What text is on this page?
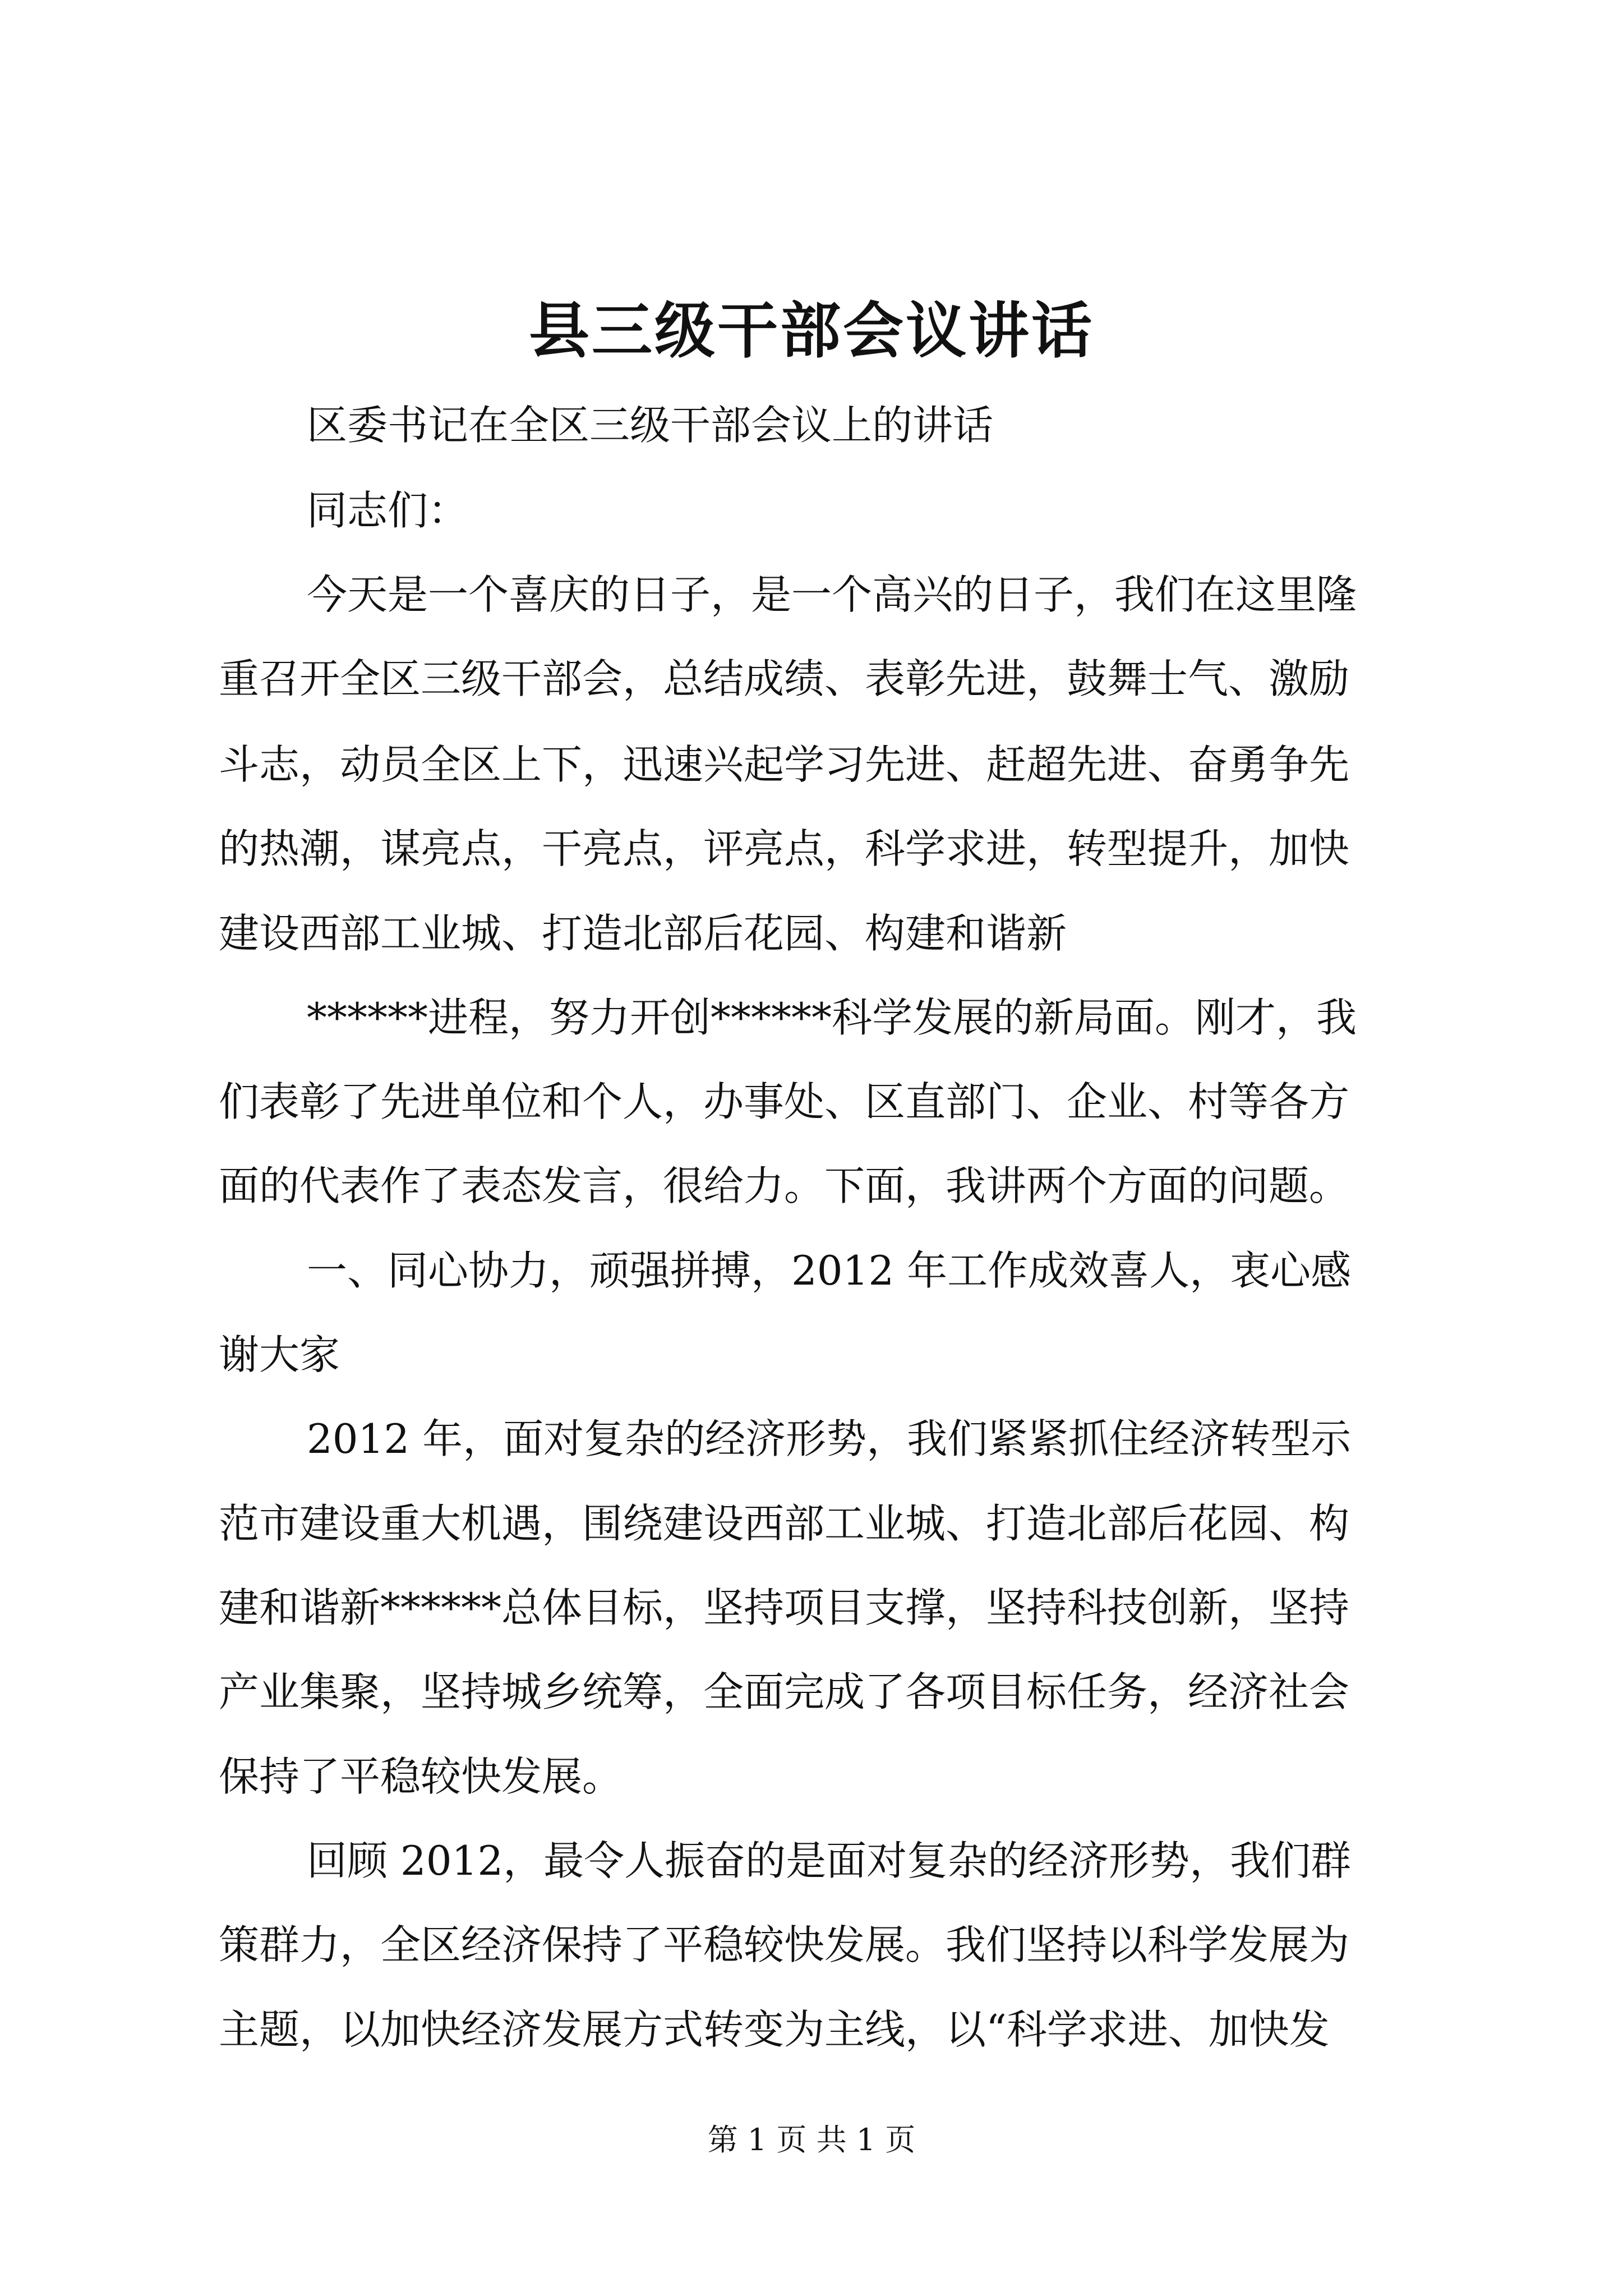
县三级干部会议讲话

区委书记在全区三级干部会议上的讲话

同志们：

今天是一个喜庆的日子，是一个高兴的日子，我们在这里隆

重召开全区三级干部会，总结成绩、表彰先进，鼓舞士气、激励

斗志，动员全区上下，迅速兴起学习先进、赶超先进、奋勇争先

的热潮，谋亮点，干亮点，评亮点，科学求进，转型提升，加快

建设西部工业城、打造北部后花园、构建和谐新

******进程，努力开创******科学发展的新局面。刚才，我

们表彰了先进单位和个人，办事处、区直部门、企业、村等各方

面的代表作了表态发言，很给力。下面，我讲两个方面的问题。

一、同心协力，顽强拼搏，2012 年工作成效喜人，衷心感

谢大家

2012 年，面对复杂的经济形势，我们紧紧抓住经济转型示

范市建设重大机遇，围绕建设西部工业城、打造北部后花园、构

建和谐新******总体目标，坚持项目支撑，坚持科技创新，坚持

产业集聚，坚持城乡统筹，全面完成了各项目标任务，经济社会

保持了平稳较快发展。

回顾 2012，最令人振奋的是面对复杂的经济形势，我们群

策群力，全区经济保持了平稳较快发展。我们坚持以科学发展为

主题，以加快经济发展方式转变为主线，以“科学求进、加快发

第 1 页 共 1 页
